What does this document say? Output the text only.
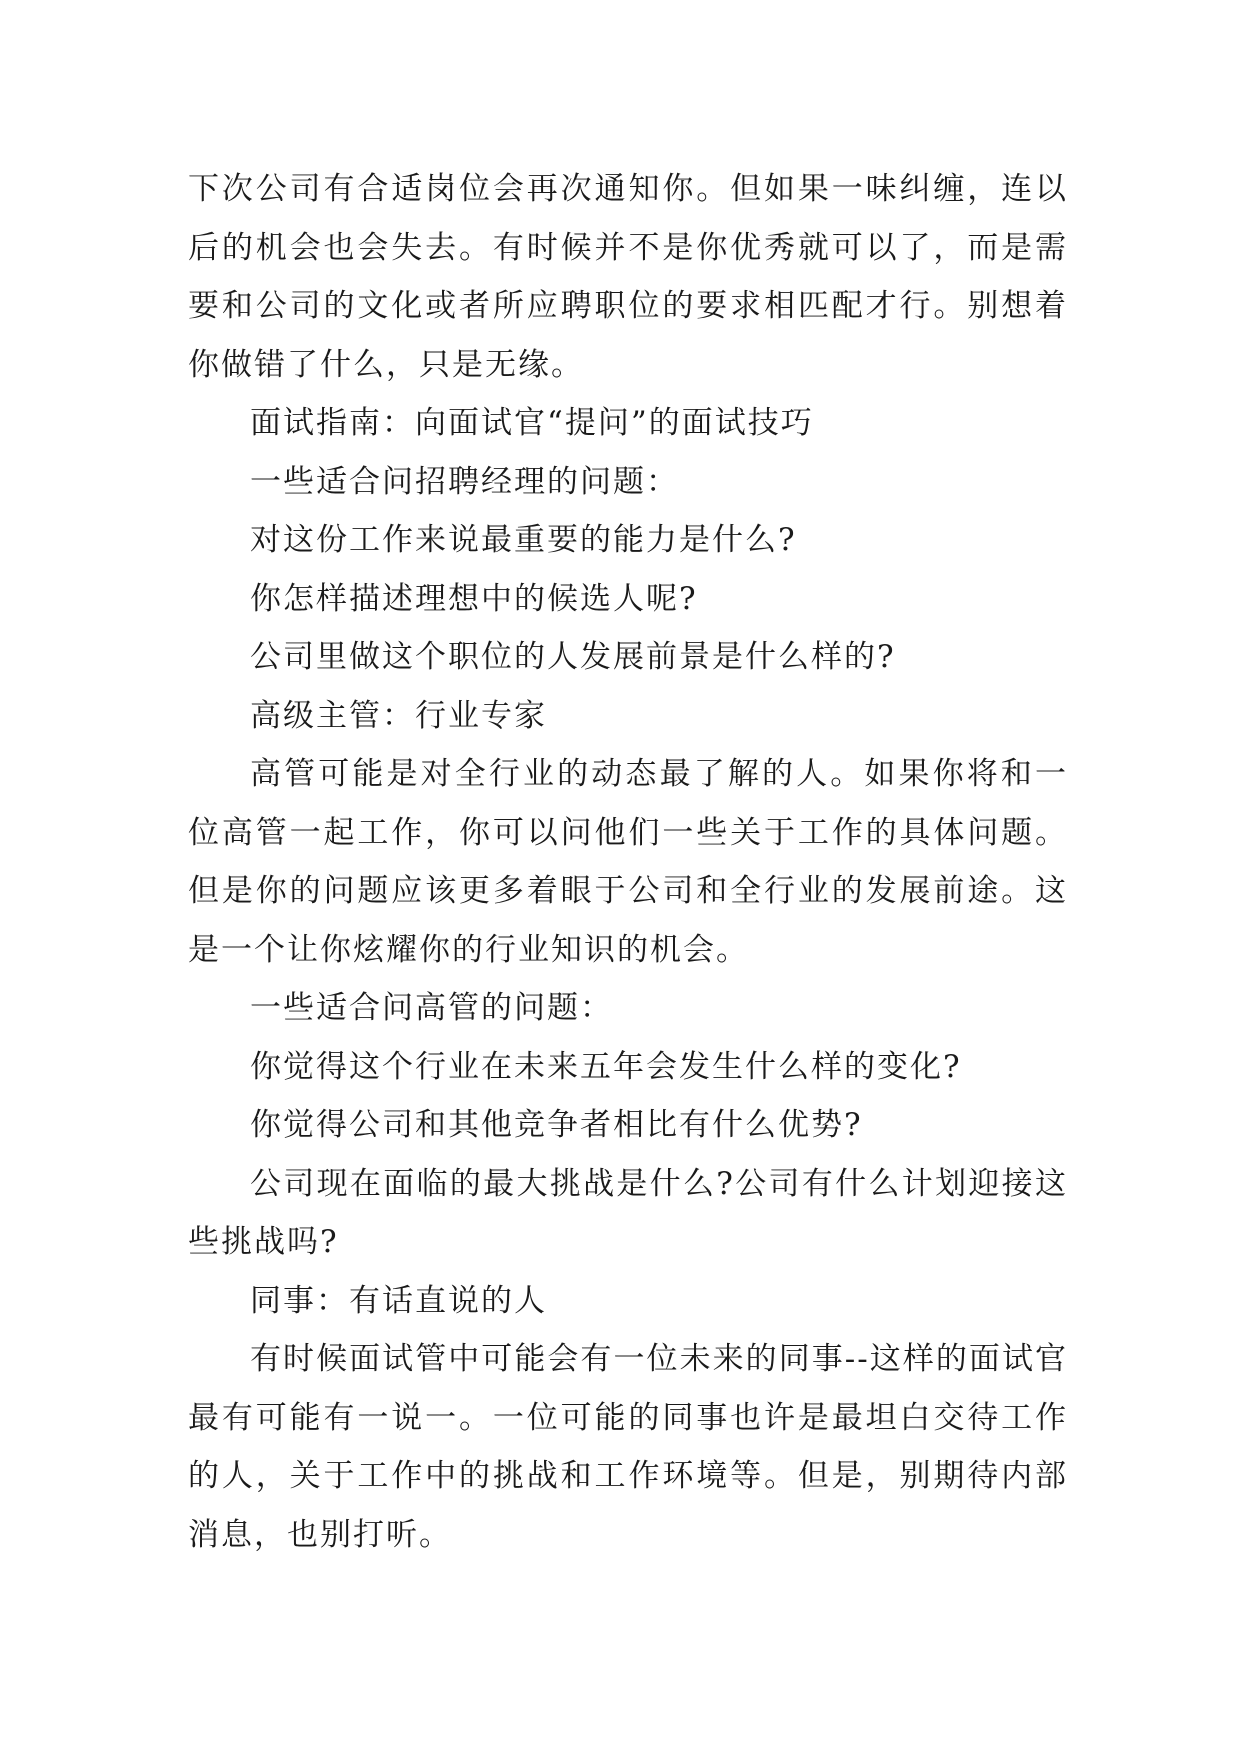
下次公司有合适岗位会再次通知你。但如果一味纠缠，连以后的机会也会失去。有时候并不是你优秀就可以了，而是需要和公司的文化或者所应聘职位的要求相匹配才行。别想着你做错了什么，只是无缘。

面试指南：向面试官“提问”的面试技巧

一些适合问招聘经理的问题：

对这份工作来说最重要的能力是什么?

你怎样描述理想中的候选人呢?

公司里做这个职位的人发展前景是什么样的?

高级主管：行业专家

高管可能是对全行业的动态最了解的人。如果你将和一位高管一起工作，你可以问他们一些关于工作的具体问题。但是你的问题应该更多着眼于公司和全行业的发展前途。这是一个让你炫耀你的行业知识的机会。

一些适合问高管的问题：

你觉得这个行业在未来五年会发生什么样的变化?

你觉得公司和其他竞争者相比有什么优势?

公司现在面临的最大挑战是什么?公司有什么计划迎接这些挑战吗?

同事：有话直说的人

有时候面试管中可能会有一位未来的同事--这样的面试官最有可能有一说一。一位可能的同事也许是最坦白交待工作的人，关于工作中的挑战和工作环境等。但是，别期待内部消息，也别打听。
